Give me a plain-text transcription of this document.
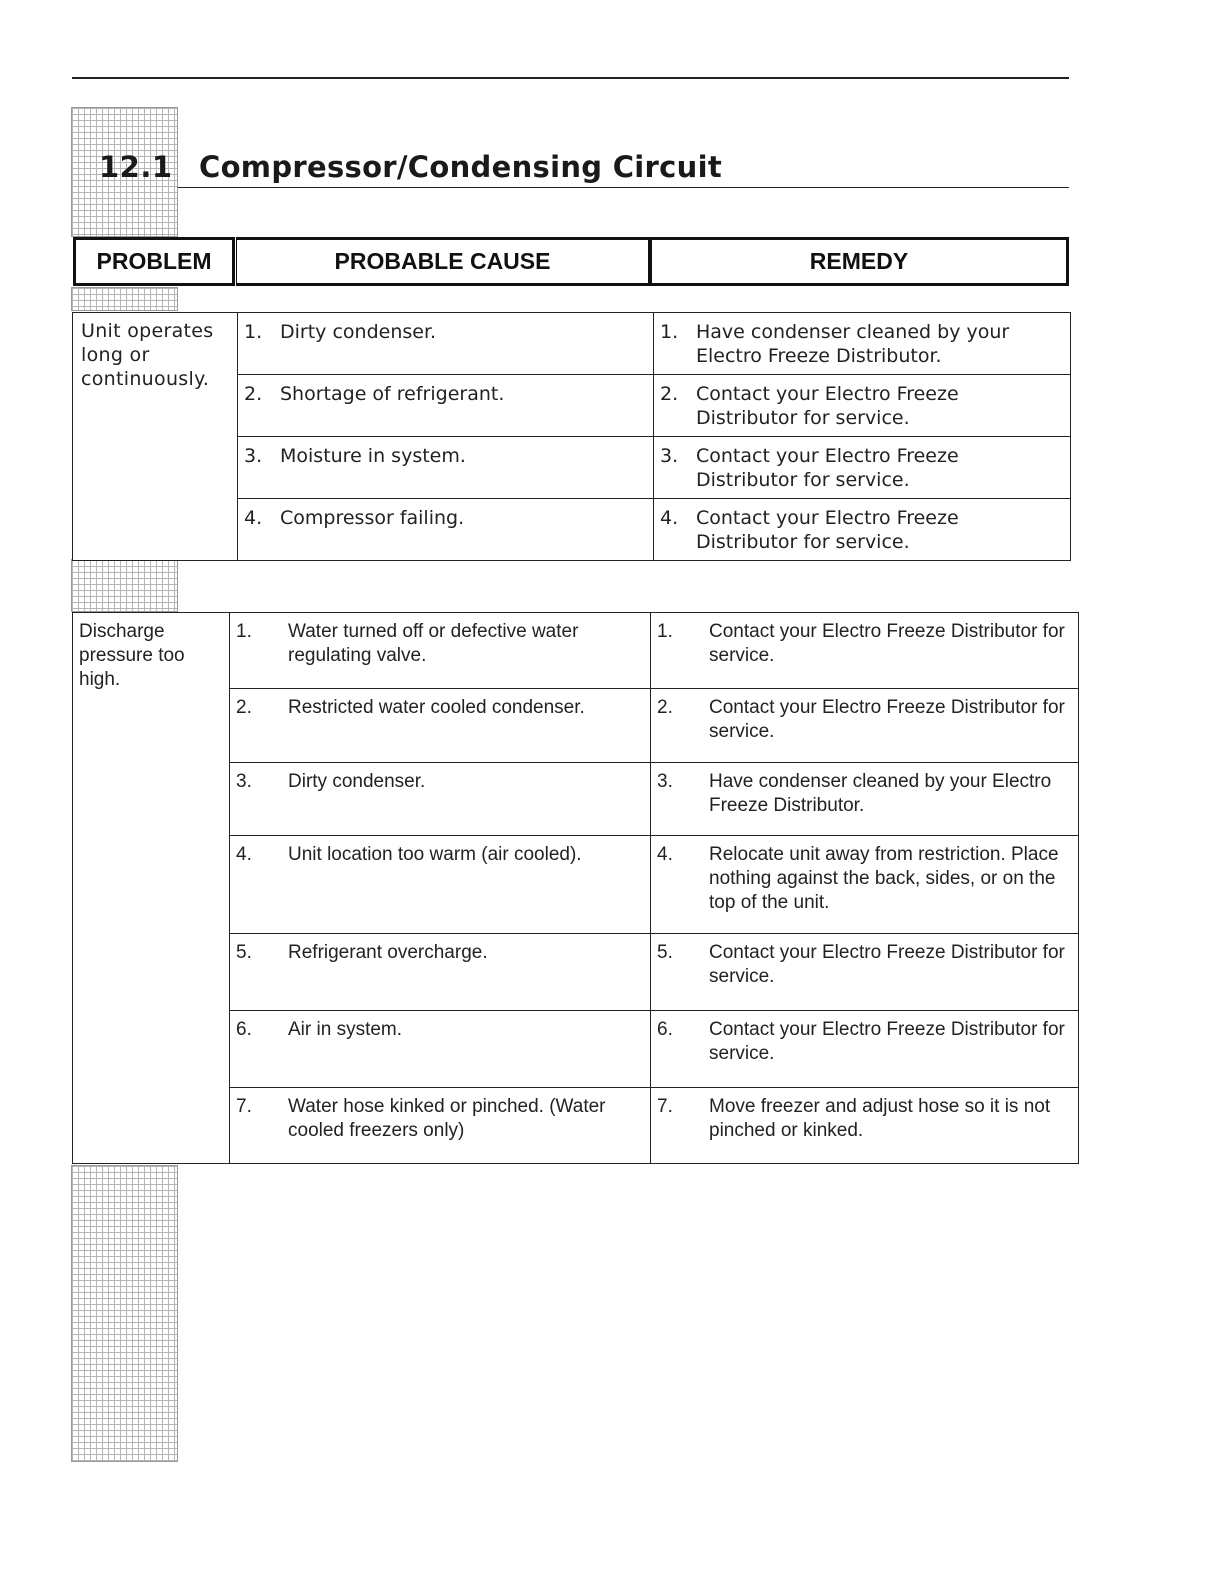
12.1 Compressor/Condensing Circuit
PROBLEM	PROBABLE CAUSE	REMEDY
Unit operates long or continuously.	1. Dirty condenser.	1. Have condenser cleaned by your Electro Freeze Distributor.

	2. Shortage of refrigerant.	2. Contact your Electro Freeze Distributor for service.

	3. Moisture in system.	3. Contact your Electro Freeze Distributor for service.

	4. Compressor failing.	4. Contact your Electro Freeze Distributor for service.
Discharge pressure too high.	1. Water turned off or defective water regulating valve.	1. Contact your Electro Freeze Distributor for service.

	2. Restricted water cooled condenser.	2. Contact your Electro Freeze Distributor for service.

	3. Dirty condenser.	3. Have condenser cleaned by your Electro Freeze Distributor.

	4. Unit location too warm (air cooled).	4. Relocate unit away from restriction. Place nothing against the back, sides, or on the top of the unit.

	5. Refrigerant overcharge.	5. Contact your Electro Freeze Distributor for service.

	6. Air in system.	6. Contact your Electro Freeze Distributor for service.

	7. Water hose kinked or pinched. (Water cooled freezers only)	7. Move freezer and adjust hose so it is not pinched or kinked.
